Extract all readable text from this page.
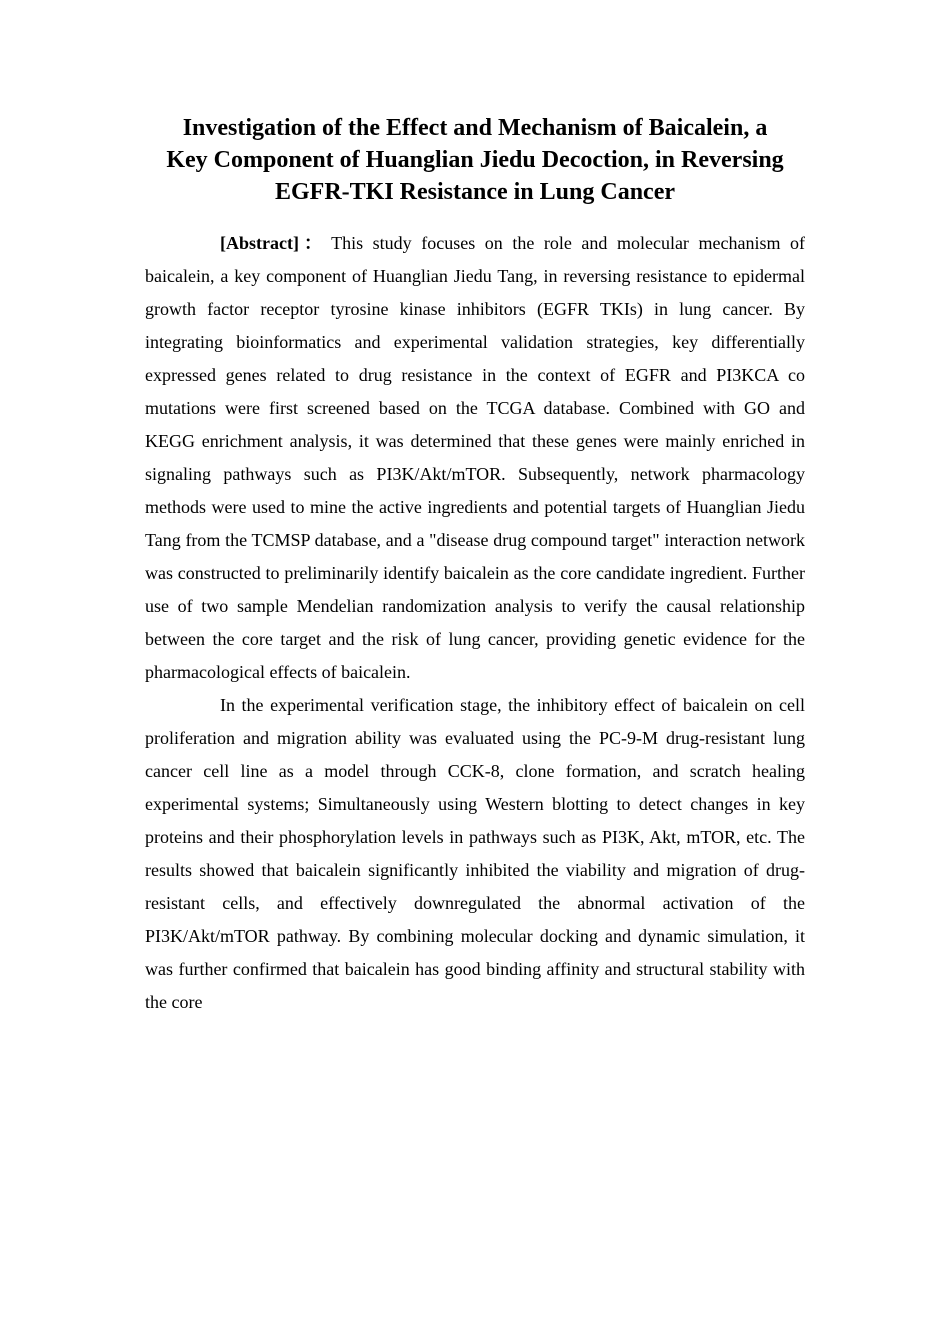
Investigation of the Effect and Mechanism of Baicalein, a
Key Component of Huanglian Jiedu Decoction, in Reversing
EGFR-TKI Resistance in Lung Cancer

[Abstract]： This study focuses on the role and molecular mechanism of baicalein, a key component of Huanglian Jiedu Tang, in reversing resistance to epidermal growth factor receptor tyrosine kinase inhibitors (EGFR TKIs) in lung cancer. By integrating bioinformatics and experimental validation strategies, key differentially expressed genes related to drug resistance in the context of EGFR and PI3KCA co mutations were first screened based on the TCGA database. Combined with GO and KEGG enrichment analysis, it was determined that these genes were mainly enriched in signaling pathways such as PI3K/Akt/mTOR. Subsequently, network pharmacology methods were used to mine the active ingredients and potential targets of Huanglian Jiedu Tang from the TCMSP database, and a "disease drug compound target" interaction network was constructed to preliminarily identify baicalein as the core candidate ingredient. Further use of two sample Mendelian randomization analysis to verify the causal relationship between the core target and the risk of lung cancer, providing genetic evidence for the pharmacological effects of baicalein.

In the experimental verification stage, the inhibitory effect of baicalein on cell proliferation and migration ability was evaluated using the PC-9-M drug-resistant lung cancer cell line as a model through CCK-8, clone formation, and scratch healing experimental systems; Simultaneously using Western blotting to detect changes in key proteins and their phosphorylation levels in pathways such as PI3K, Akt, mTOR, etc. The results showed that baicalein significantly inhibited the viability and migration of drug-resistant cells, and effectively downregulated the abnormal activation of the PI3K/Akt/mTOR pathway. By combining molecular docking and dynamic simulation, it was further confirmed that baicalein has good binding affinity and structural stability with the core
